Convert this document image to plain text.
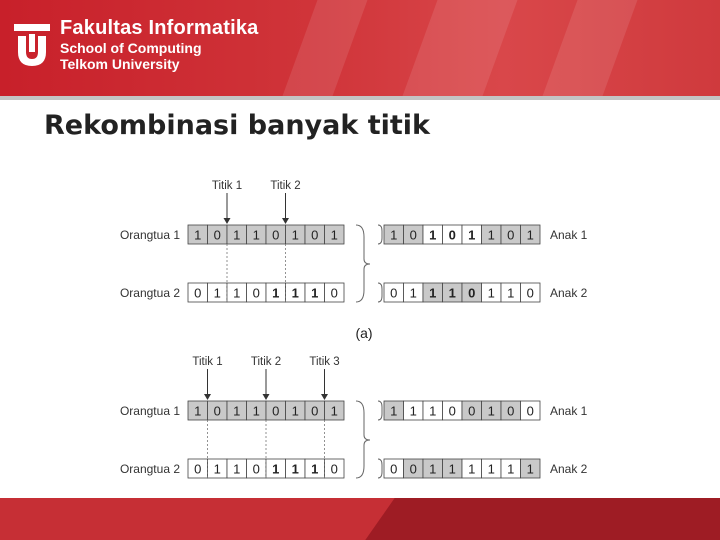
Fakultas Informatika
School of Computing
Telkom University
Rekombinasi banyak titik
1 0 1 1 0 1 0 1
0 1 1 0 1 1 1 0
1 0 1 0 1 1 0 1
0 1 1 1 0 1 1 0
Orangtua 1
Orangtua 2
Anak 1
Anak 2
Titik 1 Titik 2
(a)
1 0 1 1 0 1 0 1
0 1 1 0 1 1 1 0
1 1 1 0 0 1 0 0
0 0 1 1 1 1 1 1
Orangtua 1
Orangtua 2
Anak 1
Anak 2
Titik 1 Titik 2 Titik 3
